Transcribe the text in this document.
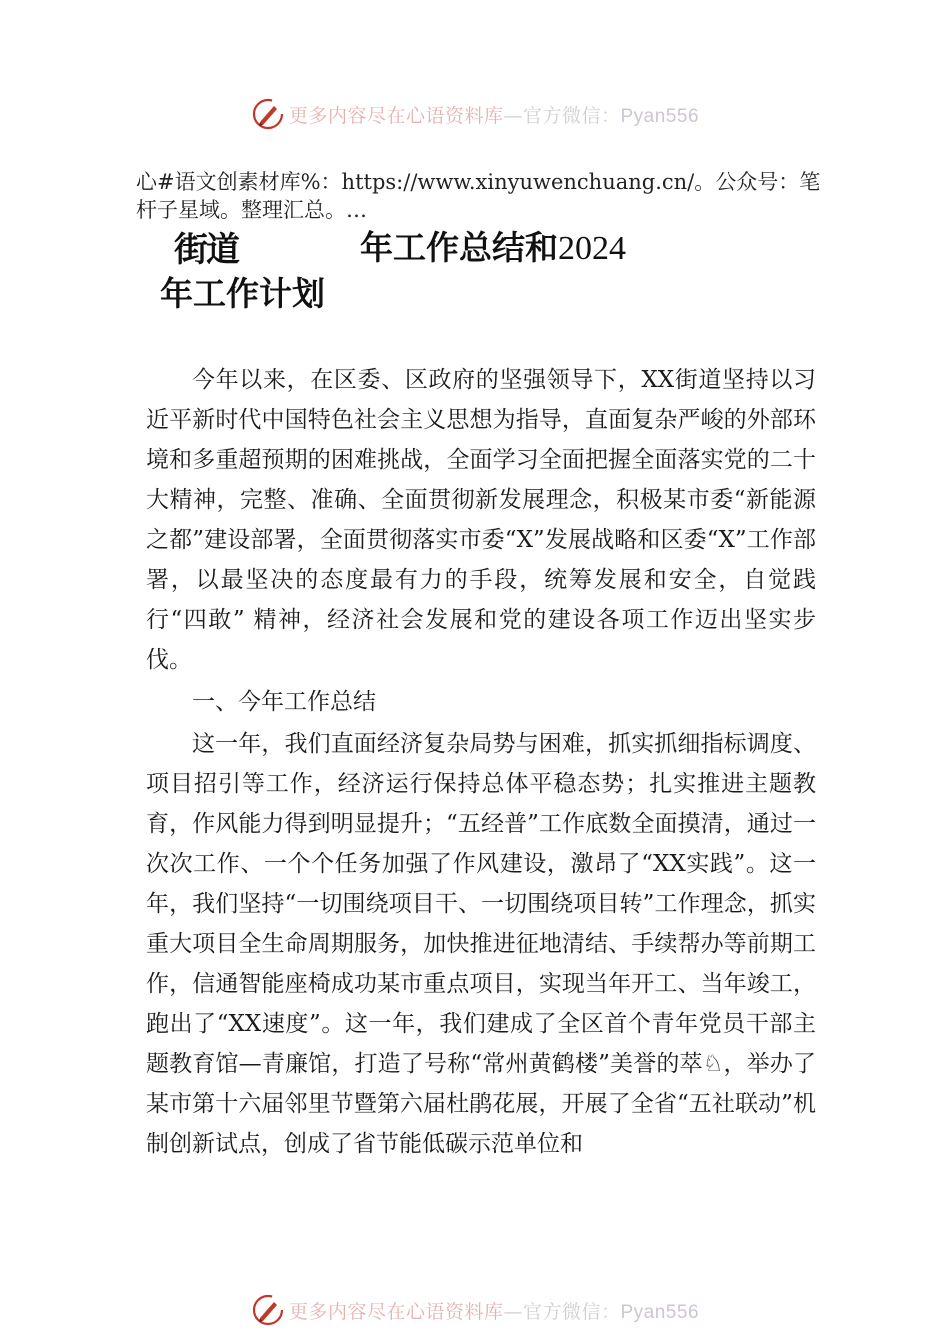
更多内容尽在心语资料库—官方微信：Pyan556
心#语文创素材库%：https://www.xinyuwenchuang.cn/。公众号：笔杆子星域。整理汇总。…
街道	年工作总结和2024
年工作计划

今年以来，在区委、区政府的坚强领导下，XX街道坚持以习近平新时代中国特色社会主义思想为指导，直面复杂严峻的外部环境和多重超预期的困难挑战，全面学习全面把握全面落实党的二十大精神，完整、准确、全面贯彻新发展理念，积极某市委“新能源之都”建设部署，全面贯彻落实市委“X”发展战略和区委“X”工作部署，以最坚决的态度最有力的手段，统筹发展和安全，自觉践行“四敢” 精神，经济社会发展和党的建设各项工作迈出坚实步伐。

一、今年工作总结

这一年，我们直面经济复杂局势与困难，抓实抓细指标调度、项目招引等工作，经济运行保持总体平稳态势；扎实推进主题教育，作风能力得到明显提升；“五经普”工作底数全面摸清，通过一次次工作、一个个任务加强了作风建设，激昂了“XX实践”。这一年，我们坚持“一切围绕项目干、一切围绕项目转”工作理念，抓实重大项目全生命周期服务，加快推进征地清结、手续帮办等前期工作，信通智能座椅成功某市重点项目，实现当年开工、当年竣工，跑出了“XX速度”。这一年，我们建成了全区首个青年党员干部主题教育馆—青廉馆，打造了号称“常州黄鹤楼”美誉的萃♘，举办了某市第十六届邻里节暨第六届杜鹃花展，开展了全省“五社联动”机制创新试点，创成了省节能低碳示范单位和

更多内容尽在心语资料库—官方微信：Pyan556
